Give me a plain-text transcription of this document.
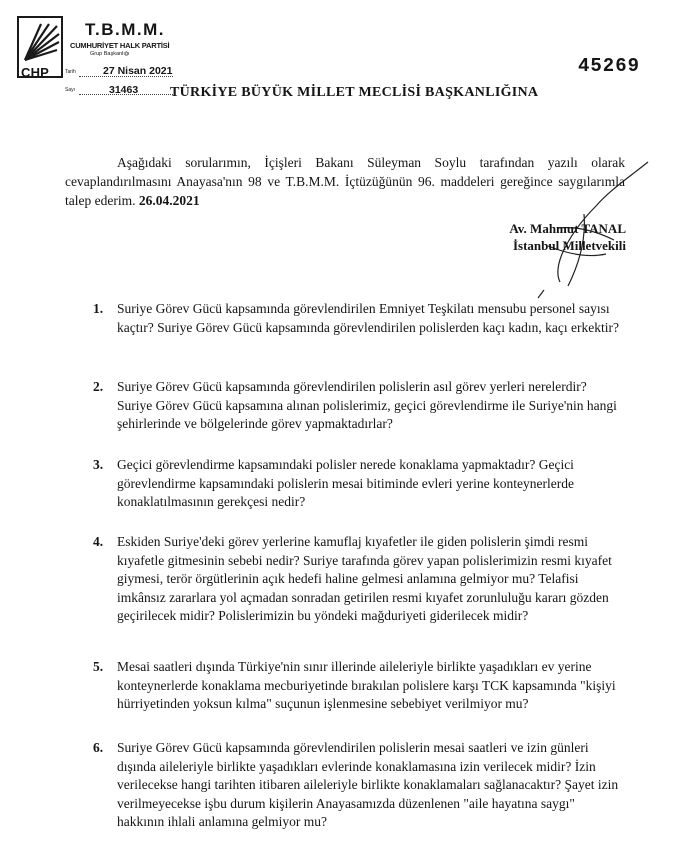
CHP
T.B.M.M.
CUMHURİYET HALK PARTİSİ
Grup Başkanlığı
Tarih	27 Nisan 2021
Sayı	31463
45269
TÜRKİYE BÜYÜK MİLLET MECLİSİ BAŞKANLIĞINA

Aşağıdaki sorularımın, İçişleri Bakanı Süleyman Soylu tarafından yazılı olarak cevaplandırılmasını Anayasa'nın 98 ve T.B.M.M. İçtüzüğünün 96. maddeleri gereğince saygılarımla talep ederim. 26.04.2021

Av. Mahmut TANAL
İstanbul Milletvekili
1.	Suriye Görev Gücü kapsamında görevlendirilen Emniyet Teşkilatı mensubu personel sayısı kaçtır? Suriye Görev Gücü kapsamında görevlendirilen polislerden kaçı kadın, kaçı erkektir?
2.	Suriye Görev Gücü kapsamında görevlendirilen polislerin asıl görev yerleri nerelerdir? Suriye Görev Gücü kapsamına alınan polislerimiz, geçici görevlendirme ile Suriye'nin hangi şehirlerinde ve bölgelerinde görev yapmaktadırlar?
3.	Geçici görevlendirme kapsamındaki polisler nerede konaklama yapmaktadır? Geçici görevlendirme kapsamındaki polislerin mesai bitiminde evleri yerine konteynerlerde konaklatılmasının gerekçesi nedir?
4.	Eskiden Suriye'deki görev yerlerine kamuflaj kıyafetler ile giden polislerin şimdi resmi kıyafetle gitmesinin sebebi nedir? Suriye tarafında görev yapan polislerimizin resmi kıyafet giymesi, terör örgütlerinin açık hedefi haline gelmesi anlamına gelmiyor mu? Telafisi imkânsız zararlara yol açmadan sonradan getirilen resmi kıyafet zorunluluğu kararı gözden geçirilecek midir? Polislerimizin bu yöndeki mağduriyeti giderilecek midir?
5.	Mesai saatleri dışında Türkiye'nin sınır illerinde aileleriyle birlikte yaşadıkları ev yerine konteynerlerde konaklama mecburiyetinde bırakılan polislere karşı TCK kapsamında "kişiyi hürriyetinden yoksun kılma" suçunun işlenmesine sebebiyet verilmiyor mu?
6.	Suriye Görev Gücü kapsamında görevlendirilen polislerin mesai saatleri ve izin günleri dışında aileleriyle birlikte yaşadıkları evlerinde konaklamasına izin verilecek midir? İzin verilecekse hangi tarihten itibaren aileleriyle birlikte konaklamaları sağlanacaktır? Şayet izin verilmeyecekse işbu durum kişilerin Anayasamızda düzenlenen "aile hayatına saygı" hakkının ihlali anlamına gelmiyor mu?
